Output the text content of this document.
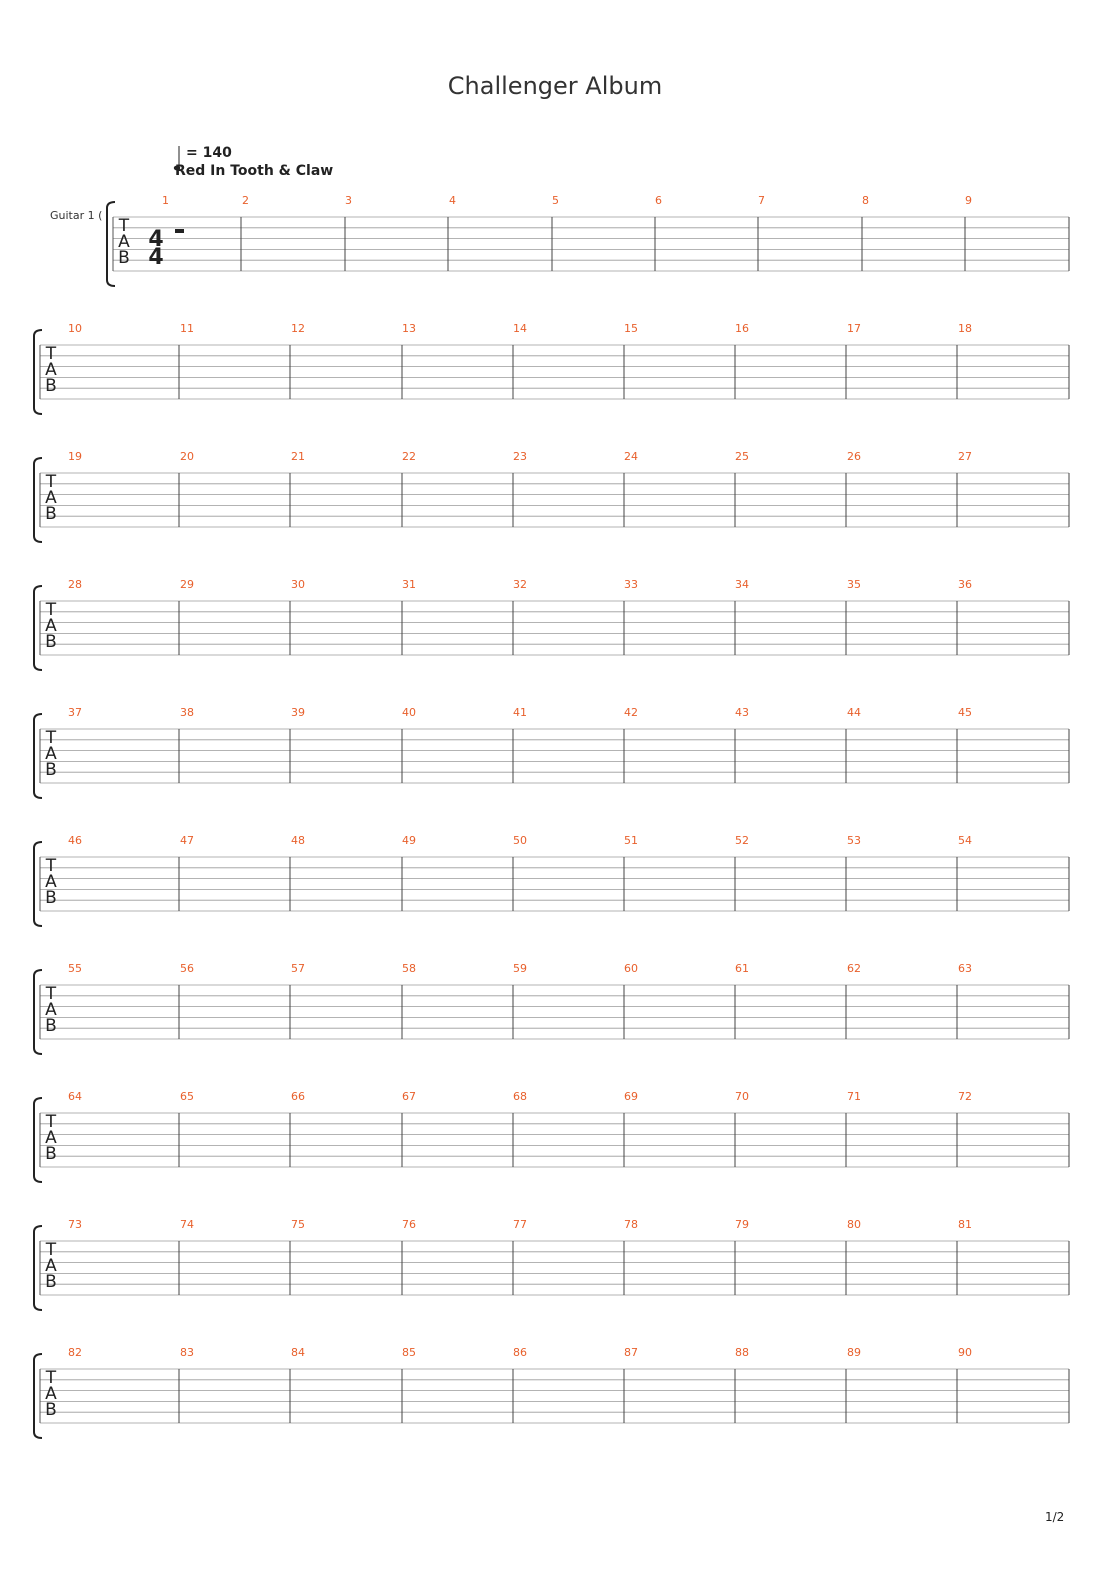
Challenger Album
= 140
Red In Tooth & Claw
Guitar 1 (
T
A
B
4
4
1	2	3	4	5	6	7	8	9
T
A
B
10	11	12	13	14	15	16	17	18
T
A
B
19	20	21	22	23	24	25	26	27
T
A
B
28	29	30	31	32	33	34	35	36
T
A
B
37	38	39	40	41	42	43	44	45
T
A
B
46	47	48	49	50	51	52	53	54
T
A
B
55	56	57	58	59	60	61	62	63
T
A
B
64	65	66	67	68	69	70	71	72
T
A
B
73	74	75	76	77	78	79	80	81
T
A
B
82	83	84	85	86	87	88	89	90
1/2
